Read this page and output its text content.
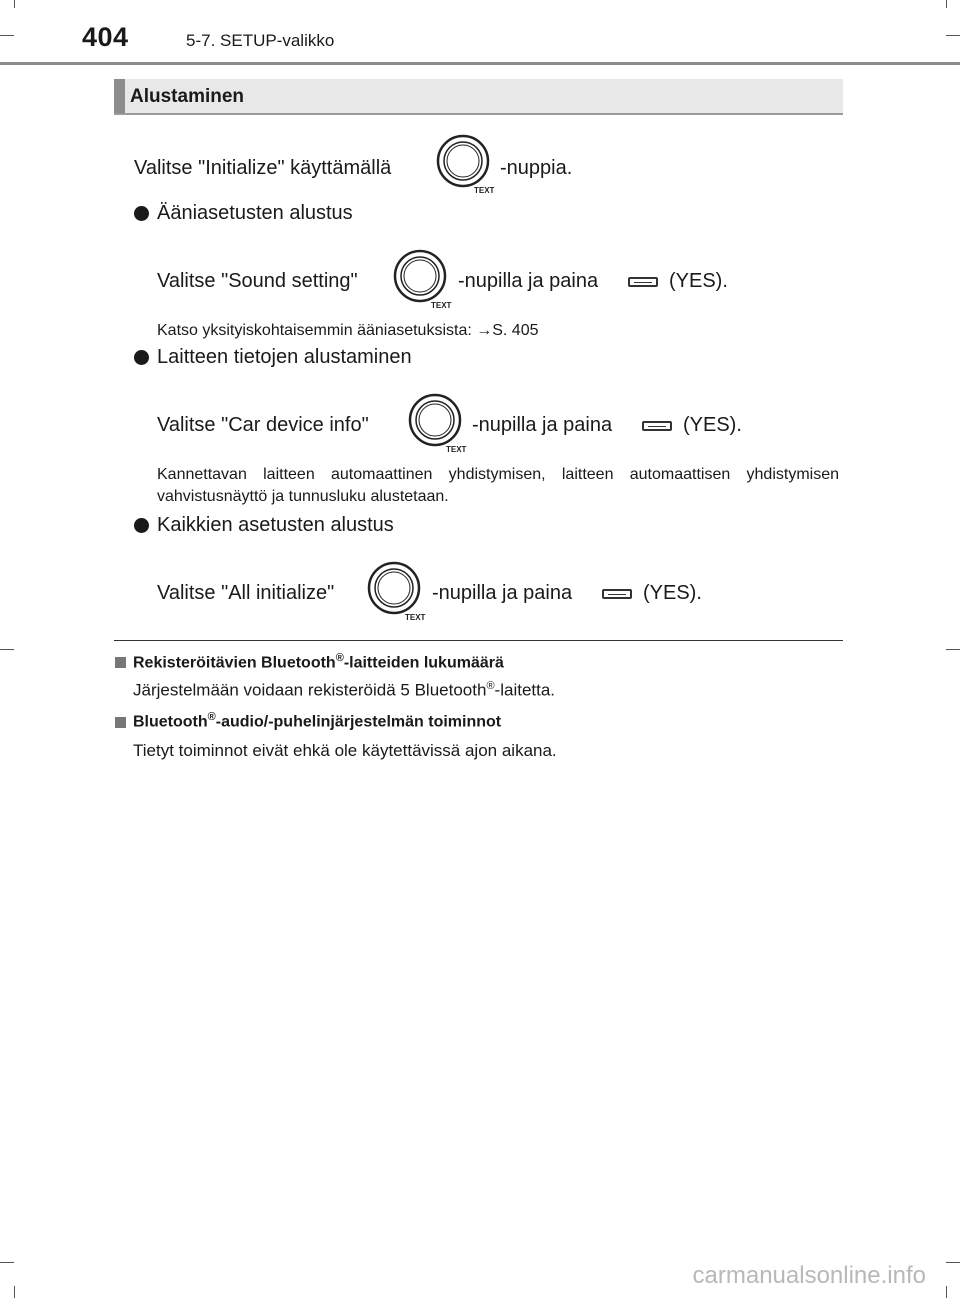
404	5-7. SETUP-valikko
Alustaminen
Valitse "Initialize" käyttämällä
TEXT
-nuppia.
Ääniasetusten alustus
Valitse "Sound setting"
TEXT
-nupilla ja paina	(YES).
Katso yksityiskohtaisemmin ääniasetuksista: →S. 405
Laitteen tietojen alustaminen
Valitse "Car device info"
TEXT
-nupilla ja paina	(YES).
Kannettavan laitteen automaattinen yhdistymisen, laitteen automaattisen yhdistymisen vahvistusnäyttö ja tunnusluku alustetaan.
Kaikkien asetusten alustus
Valitse "All initialize"
TEXT
-nupilla ja paina	(YES).
Rekisteröitävien Bluetooth®-laitteiden lukumäärä
Järjestelmään voidaan rekisteröidä 5 Bluetooth®-laitetta.
Bluetooth®-audio/-puhelinjärjestelmän toiminnot
Tietyt toiminnot eivät ehkä ole käytettävissä ajon aikana.
carmanualsonline.info
